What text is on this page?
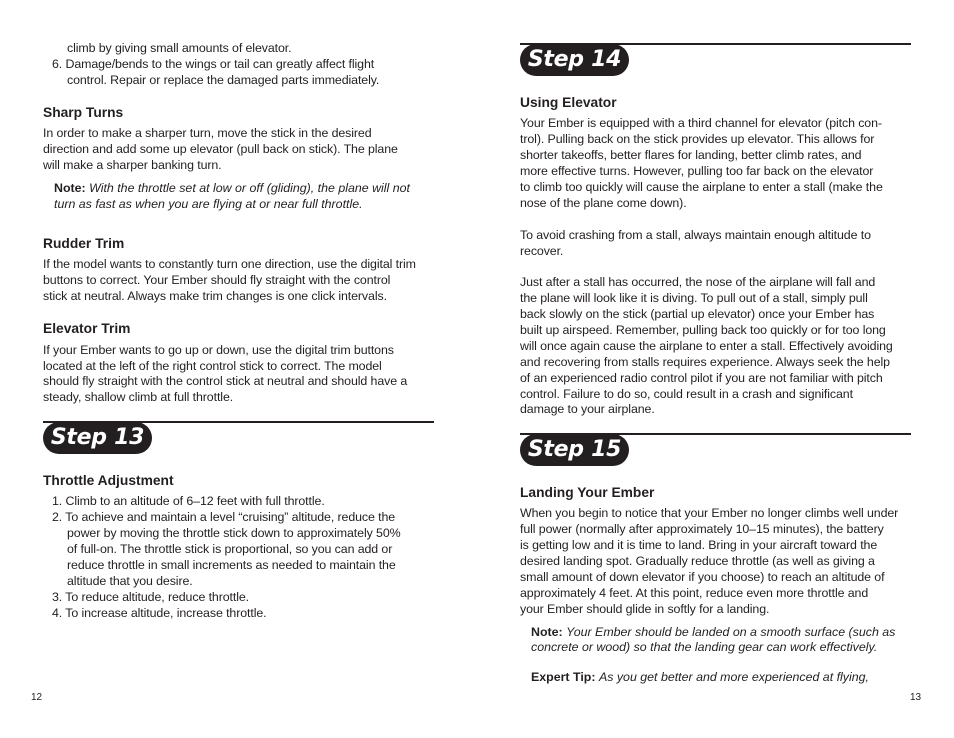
climb by giving small amounts of elevator.

6. Damage/bends to the wings or tail can greatly affect flight

control. Repair or replace the damaged parts immediately.

Sharp Turns

In order to make a sharper turn, move the stick in the desired

direction and add some up elevator (pull back on stick). The plane

will make a sharper banking turn.

Note: With the throttle set at low or off (gliding), the plane will not

turn as fast as when you are flying at or near full throttle.

Rudder Trim

If the model wants to constantly turn one direction, use the digital trim

buttons to correct. Your Ember should fly straight with the control

stick at neutral. Always make trim changes is one click intervals.

Elevator Trim

If your Ember wants to go up or down, use the digital trim buttons

located at the left of the right control stick to correct. The model

should fly straight with the control stick at neutral and should have a

steady, shallow climb at full throttle.

Step 13
Throttle Adjustment

1. Climb to an altitude of 6–12 feet with full throttle.

2. To achieve and maintain a level “cruising” altitude, reduce the

power by moving the throttle stick down to approximately 50%

of full-on. The throttle stick is proportional, so you can add or

reduce throttle in small increments as needed to maintain the

altitude that you desire.

3. To reduce altitude, reduce throttle.

4. To increase altitude, increase throttle.

12
Step 14
Using Elevator

Your Ember is equipped with a third channel for elevator (pitch con-

trol). Pulling back on the stick provides up elevator. This allows for

shorter takeoffs, better flares for landing, better climb rates, and

more effective turns. However, pulling too far back on the elevator

to climb too quickly will cause the airplane to enter a stall (make the

nose of the plane come down).

To avoid crashing from a stall, always maintain enough altitude to

recover.

Just after a stall has occurred, the nose of the airplane will fall and

the plane will look like it is diving. To pull out of a stall, simply pull

back slowly on the stick (partial up elevator) once your Ember has

built up airspeed. Remember, pulling back too quickly or for too long

will once again cause the airplane to enter a stall. Effectively avoiding

and recovering from stalls requires experience. Always seek the help

of an experienced radio control pilot if you are not familiar with pitch

control. Failure to do so, could result in a crash and significant

damage to your airplane.

Step 15
Landing Your Ember

When you begin to notice that your Ember no longer climbs well under

full power (normally after approximately 10–15 minutes), the battery

is getting low and it is time to land. Bring in your aircraft toward the

desired landing spot. Gradually reduce throttle (as well as giving a

small amount of down elevator if you choose) to reach an altitude of

approximately 4 feet. At this point, reduce even more throttle and

your Ember should glide in softly for a landing.

Note: Your Ember should be landed on a smooth surface (such as

concrete or wood) so that the landing gear can work effectively.

Expert Tip: As you get better and more experienced at flying,

13
